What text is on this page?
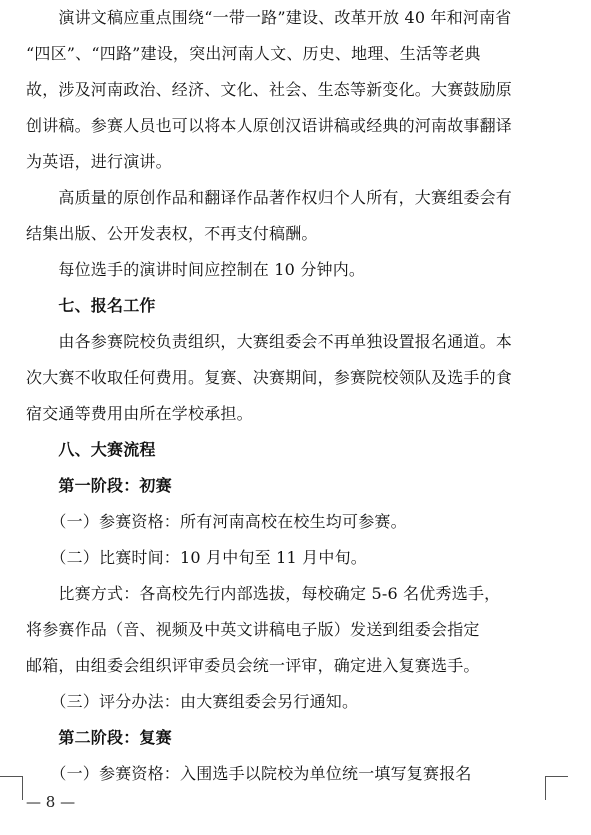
　　演讲文稿应重点围绕“一带一路”建设、改革开放 40 年和河南省
“四区”、“四路”建设，突出河南人文、历史、地理、生活等老典
故，涉及河南政治、经济、文化、社会、生态等新变化。大赛鼓励原
创讲稿。参赛人员也可以将本人原创汉语讲稿或经典的河南故事翻译
为英语，进行演讲。
　　高质量的原创作品和翻译作品著作权归个人所有，大赛组委会有
结集出版、公开发表权，不再支付稿酬。
　　每位选手的演讲时间应控制在 10 分钟内。
　　七、报名工作
　　由各参赛院校负责组织，大赛组委会不再单独设置报名通道。本
次大赛不收取任何费用。复赛、决赛期间，参赛院校领队及选手的食
宿交通等费用由所在学校承担。
　　八、大赛流程
　　第一阶段：初赛
　　（一）参赛资格：所有河南高校在校生均可参赛。
　　（二）比赛时间：10 月中旬至 11 月中旬。
　　比赛方式：各高校先行内部选拔，每校确定 5-6 名优秀选手，
将参赛作品（音、视频及中英文讲稿电子版）发送到组委会指定
邮箱，由组委会组织评审委员会统一评审，确定进入复赛选手。
　　（三）评分办法：由大赛组委会另行通知。
　　第二阶段：复赛
　　（一）参赛资格：入围选手以院校为单位统一填写复赛报名
— 8 —
